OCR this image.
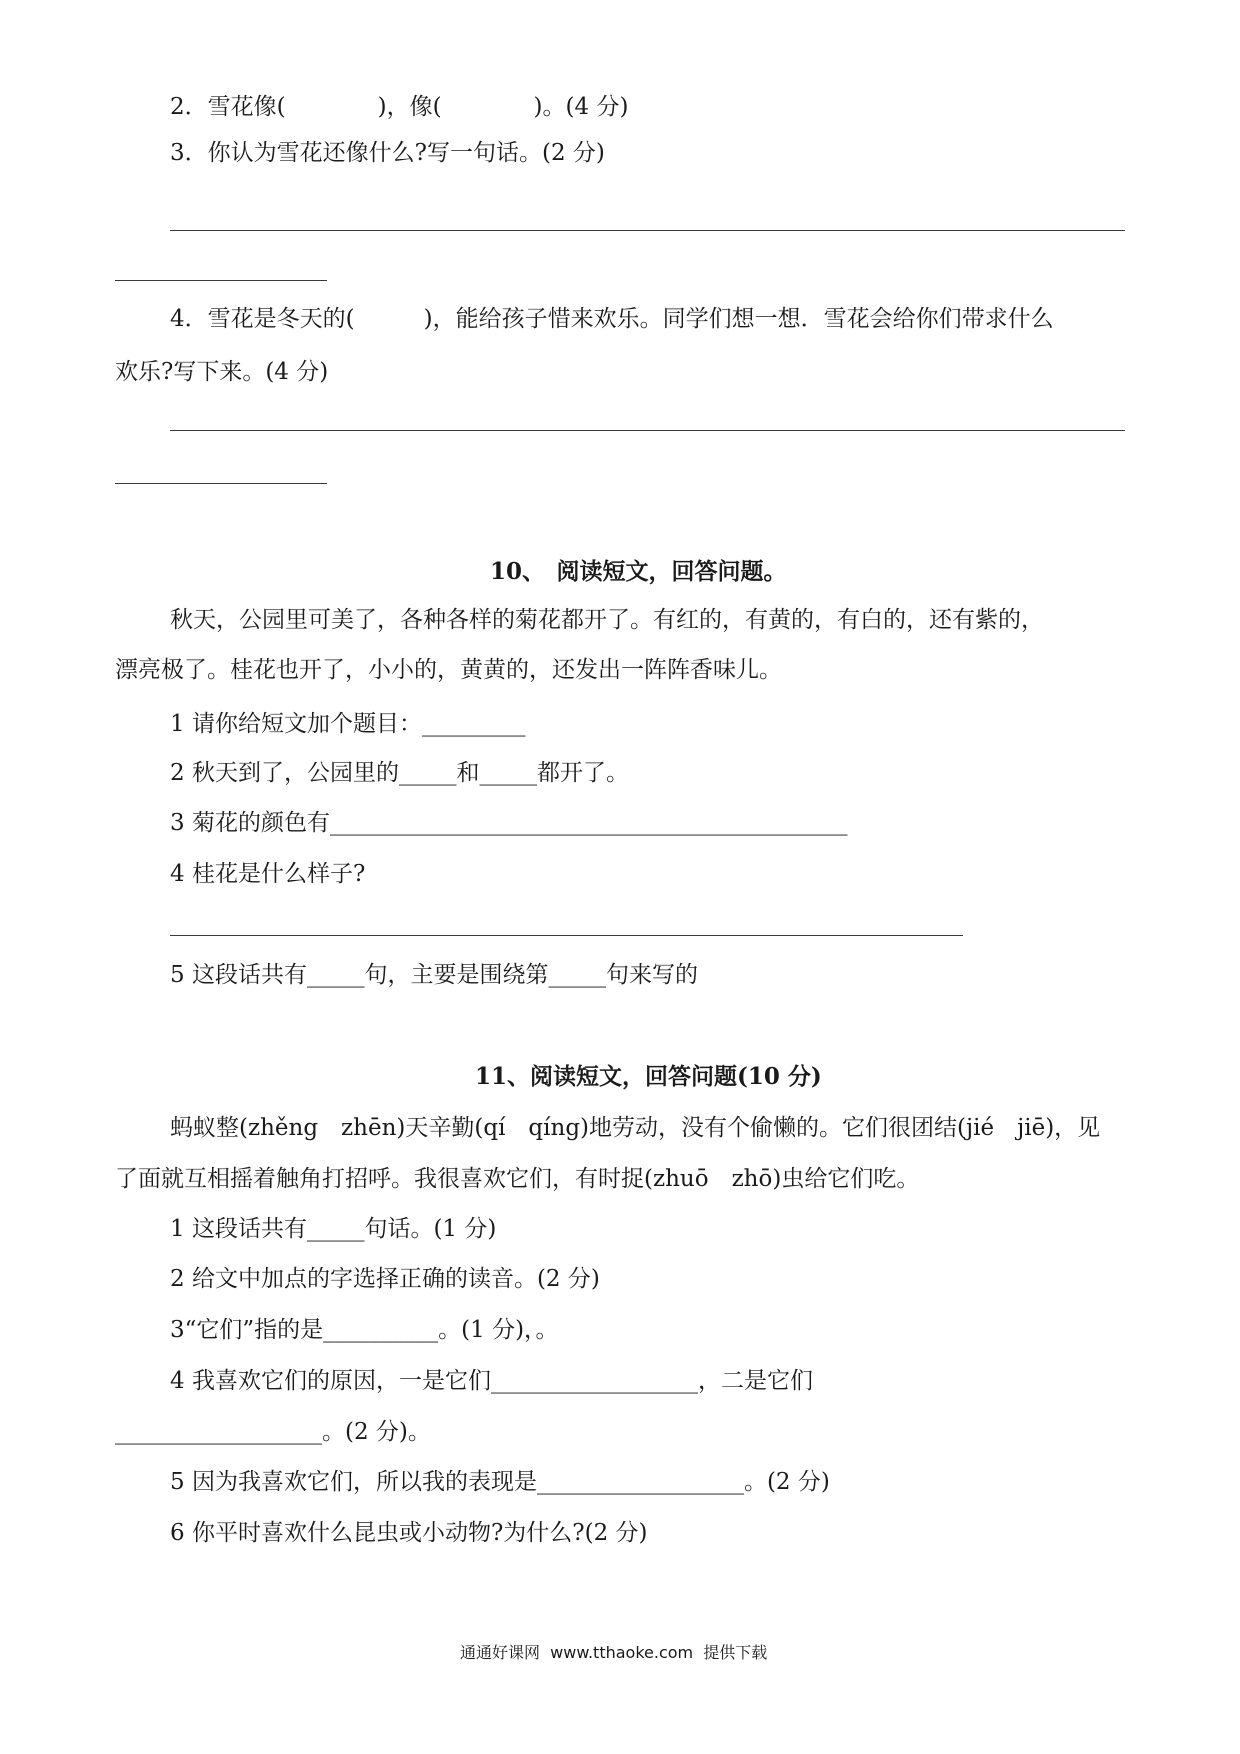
2．雪花像(　　　　)，像(　　　　)。(4 分)
3．你认为雪花还像什么?写一句话。(2 分)
4．雪花是冬天的(　　　)，能给孩子惜来欢乐。同学们想一想．雪花会给你们带求什么
欢乐?写下来。(4 分)
10、　阅读短文，回答问题。
秋天，公园里可美了，各种各样的菊花都开了。有红的，有黄的，有白的，还有紫的，
漂亮极了。桂花也开了，小小的，黄黄的，还发出一阵阵香味儿。
1 请你给短文加个题目：_________
2 秋天到了，公园里的_____和_____都开了。
3 菊花的颜色有_____________________________________________
4 桂花是什么样子?
5 这段话共有_____句，主要是围绕第_____句来写的
11、阅读短文，回答问题(10 分)
蚂蚁整(zhěng　zhēn)天辛勤(qí　qíng)地劳动，没有个偷懒的。它们很团结(jié　jiē)，见
了面就互相摇着触角打招呼。我很喜欢它们，有时捉(zhuō　zhō)虫给它们吃。
1 这段话共有_____句话。(1 分)
2 给文中加点的字选择正确的读音。(2 分)
3“它们”指的是__________。(1 分)，。
4 我喜欢它们的原因，一是它们__________________，二是它们
__________________。(2 分)。
5 因为我喜欢它们，所以我的表现是__________________。(2 分)
6 你平时喜欢什么昆虫或小动物?为什么?(2 分)
通通好课网  www.tthaoke.com  提供下载
